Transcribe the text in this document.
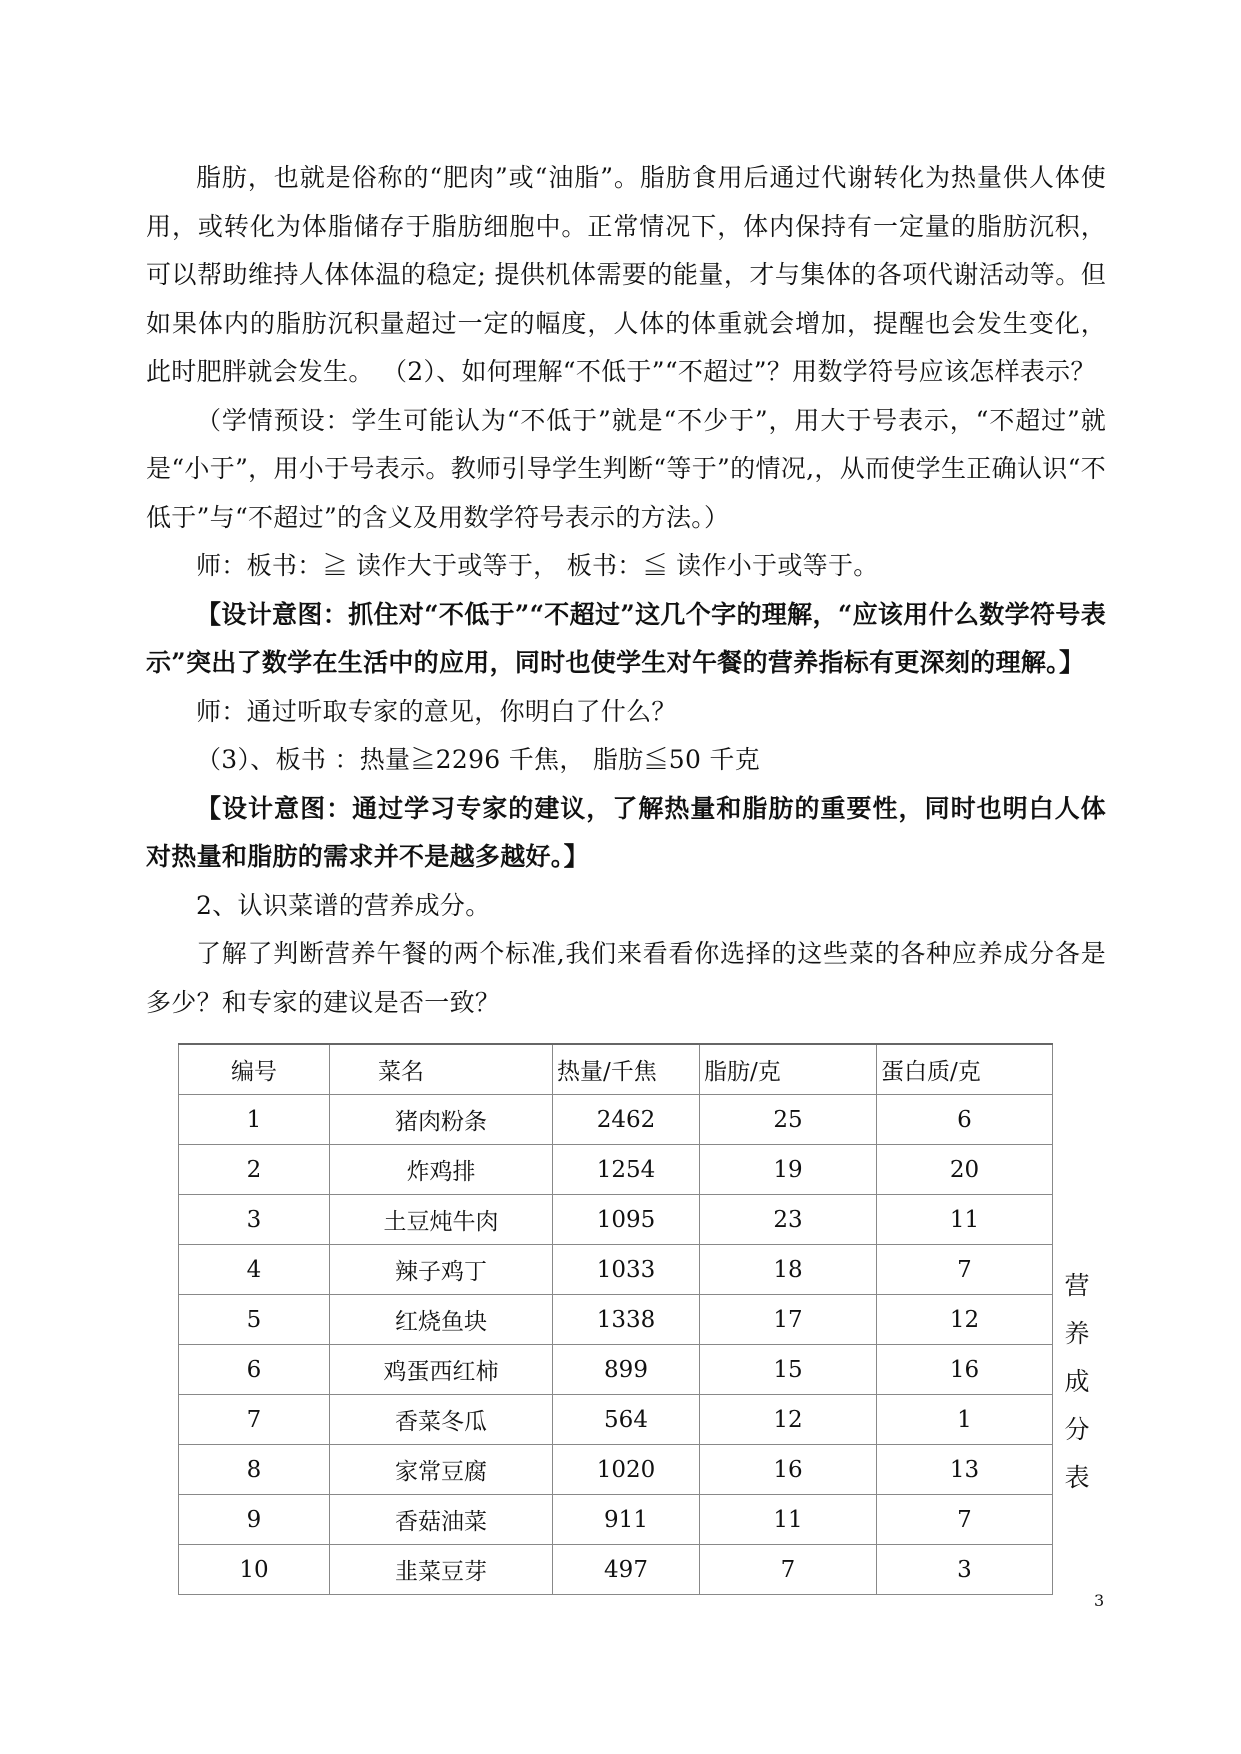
脂肪，也就是俗称的“肥肉”或“油脂”。脂肪食用后通过代谢转化为热量供人体使用，或转化为体脂储存于脂肪细胞中。正常情况下，体内保持有一定量的脂肪沉积，可以帮助维持人体体温的稳定; 提供机体需要的能量，才与集体的各项代谢活动等。但如果体内的脂肪沉积量超过一定的幅度，人体的体重就会增加，提醒也会发生变化，此时肥胖就会发生。 （2）、如何理解“不低于”“不超过”？用数学符号应该怎样表示？

（学情预设：学生可能认为“不低于”就是“不少于”，用大于号表示，“不超过”就是“小于”，用小于号表示。教师引导学生判断“等于”的情况,，从而使学生正确认识“不低于”与“不超过”的含义及用数学符号表示的方法。）

师：板书：≧ 读作大于或等于， 板书：≦ 读作小于或等于。

【设计意图：抓住对“不低于”“不超过”这几个字的理解，“应该用什么数学符号表示”突出了数学在生活中的应用，同时也使学生对午餐的营养指标有更深刻的理解。】

师：通过听取专家的意见，你明白了什么？

（3）、板书 ：热量≧2296 千焦， 脂肪≦50 千克

【设计意图：通过学习专家的建议，了解热量和脂肪的重要性，同时也明白人体对热量和脂肪的需求并不是越多越好。】

2、认识菜谱的营养成分。

了解了判断营养午餐的两个标准,我们来看看你选择的这些菜的各种应养成分各是多少？和专家的建议是否一致？

编号	菜名	热量/千焦	脂肪/克	蛋白质/克
1	猪肉粉条	2462	25	6
2	炸鸡排	1254	19	20
3	土豆炖牛肉	1095	23	11
4	辣子鸡丁	1033	18	7
5	红烧鱼块	1338	17	12
6	鸡蛋西红柿	899	15	16
7	香菜冬瓜	564	12	1
8	家常豆腐	1020	16	13
9	香菇油菜	911	11	7
10	韭菜豆芽	497	7	3
营
养
成
分
表
3
